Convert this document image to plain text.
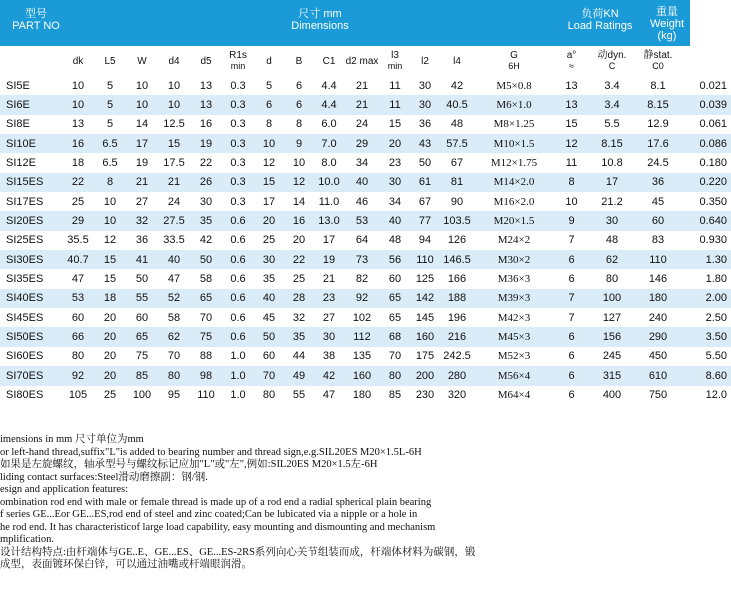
型号
PART NO
尺寸 mm
Dimensions
负荷KN
Load Ratings
重量
Weight
(kg)
dk	L5	W	d4	d5
R1s
min	d	B	C1	d2 max
l3
min	l2	l4
G
6H
a°
≈
动dyn.
C
静stat.
C0
SI5E	10	5	10	10	13	0.3	5	6	4.4	21	11	30	42	M5×0.8	13	3.4	8.1	0.021
SI6E	10	5	10	10	13	0.3	6	6	4.4	21	11	30	40.5	M6×1.0	13	3.4	8.15	0.039
SI8E	13	5	14	12.5	16	0.3	8	8	6.0	24	15	36	48	M8×1.25	15	5.5	12.9	0.061
SI10E	16	6.5	17	15	19	0.3	10	9	7.0	29	20	43	57.5	M10×1.5	12	8.15	17.6	0.086
SI12E	18	6.5	19	17.5	22	0.3	12	10	8.0	34	23	50	67	M12×1.75	11	10.8	24.5	0.180
SI15ES	22	8	21	21	26	0.3	15	12	10.0	40	30	61	81	M14×2.0	8	17	36	0.220
SI17ES	25	10	27	24	30	0.3	17	14	11.0	46	34	67	90	M16×2.0	10	21.2	45	0.350
SI20ES	29	10	32	27.5	35	0.6	20	16	13.0	53	40	77	103.5	M20×1.5	9	30	60	0.640
SI25ES	35.5	12	36	33.5	42	0.6	25	20	17	64	48	94	126	M24×2	7	48	83	0.930
SI30ES	40.7	15	41	40	50	0.6	30	22	19	73	56	110	146.5	M30×2	6	62	110	1.30
SI35ES	47	15	50	47	58	0.6	35	25	21	82	60	125	166	M36×3	6	80	146	1.80
SI40ES	53	18	55	52	65	0.6	40	28	23	92	65	142	188	M39×3	7	100	180	2.00
SI45ES	60	20	60	58	70	0.6	45	32	27	102	65	145	196	M42×3	7	127	240	2.50
SI50ES	66	20	65	62	75	0.6	50	35	30	112	68	160	216	M45×3	6	156	290	3.50
SI60ES	80	20	75	70	88	1.0	60	44	38	135	70	175	242.5	M52×3	6	245	450	5.50
SI70ES	92	20	85	80	98	1.0	70	49	42	160	80	200	280	M56×4	6	315	610	8.60
SI80ES	105	25	100	95	110	1.0	80	55	47	180	85	230	320	M64×4	6	400	750	12.0
imensions in mm 尺寸单位为mm
or left-hand thread,suffix"L"is added to bearing number and thread sign,e.g.SIL20ES M20×1.5L-6H
如果是左旋螺纹，轴承型号与螺纹标记应加"L"或"左",例如:SIL20ES M20×1.5左-6H
liding contact surfaces:Steel滑动磨擦副：钢/钢.
esign and application features:
ombination rod end with male or female thread is made up of a rod end a radial spherical plain bearing
f series GE...Eor GE...ES,rod end of steel and zinc coated;Can be lubicated via a nipple or a hole in
he rod end. It has characteristicof large load capability, easy mounting and dismounting and mechanism
mplification.
设计结构特点:由杆端体与GE..E、GE...ES、GE...ES-2RS系列向心关节组装而成，杆端体材料为碳钢，锻
成型，表面镀环保白锌，可以通过油嘴或杆端眼润滑。
